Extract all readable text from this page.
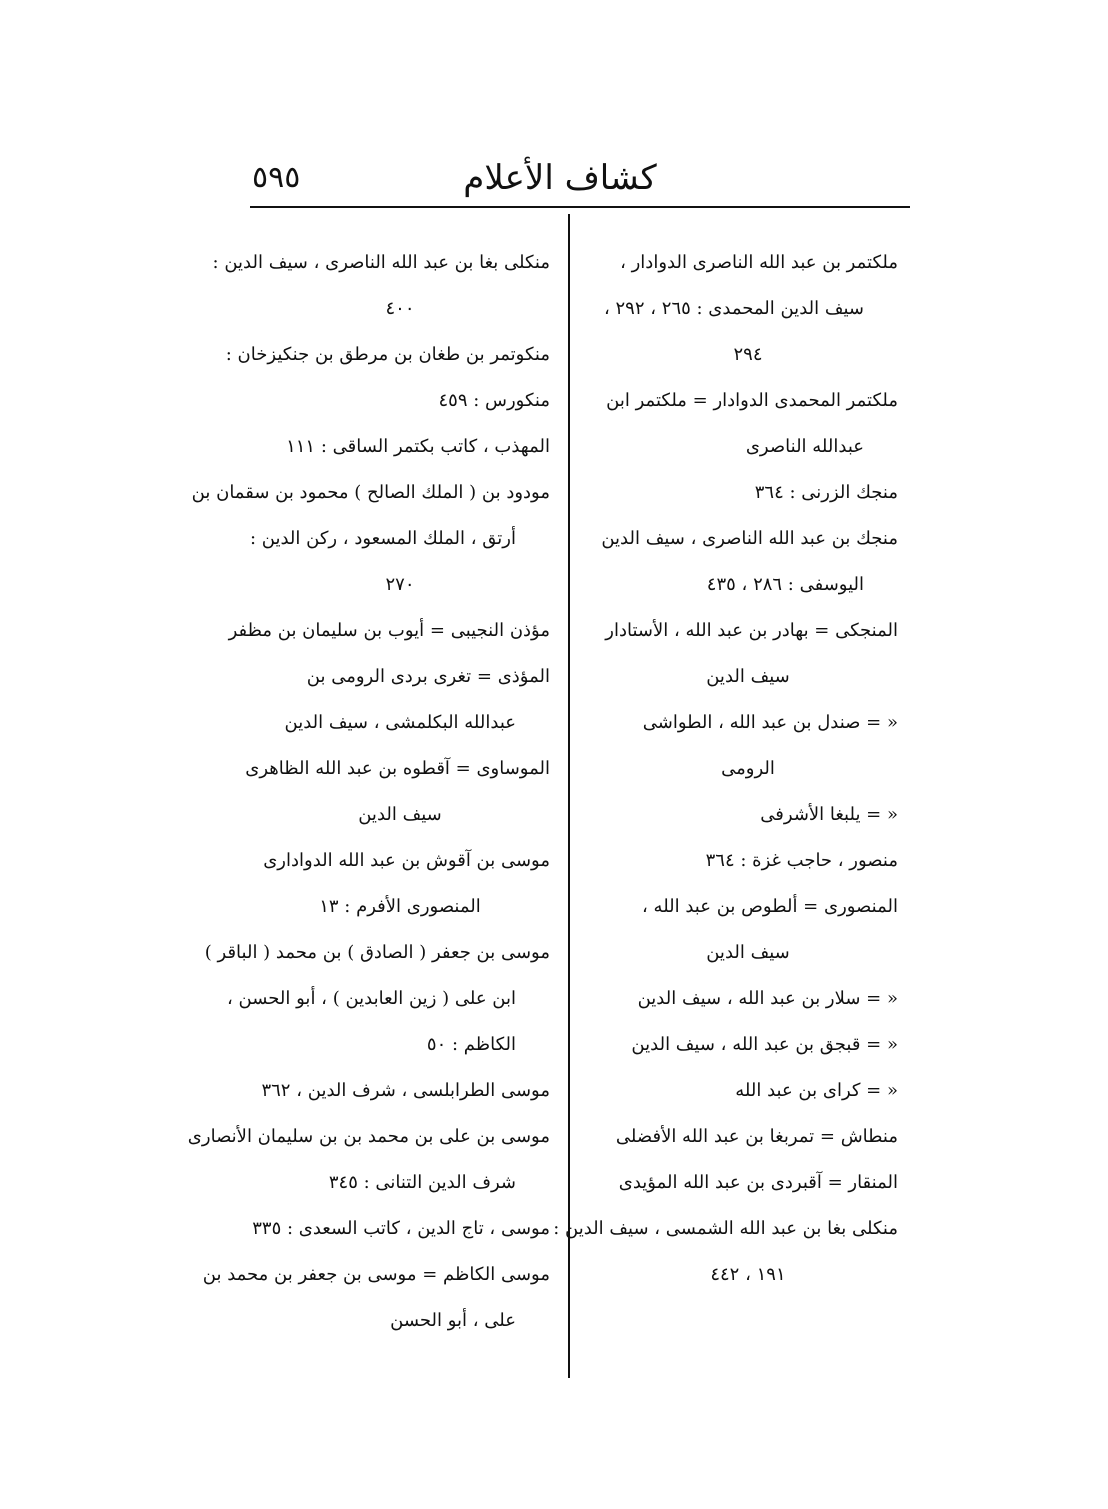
كشاف الأعلام
٥٩٥
ملكتمر بن عبد الله الناصرى الدوادار ،
سيف الدين المحمدى : ٢٦٥ ، ٢٩٢ ،
٢٩٤
ملكتمر المحمدى الدوادار = ملكتمر ابن
عبدالله الناصرى
منجك الزرنى : ٣٦٤
منجك بن عبد الله الناصرى ، سيف الدين
اليوسفى : ٢٨٦ ، ٤٣٥
المنجكى = بهادر بن عبد الله ، الأستادار
سيف الدين
« = صندل بن عبد الله ، الطواشى
الرومى
« = يلبغا الأشرفى
منصور ، حاجب غزة : ٣٦٤
المنصورى = ألطوص بن عبد الله ،
سيف الدين
« = سلار بن عبد الله ، سيف الدين
« = قبجق بن عبد الله ، سيف الدين
« = كراى بن عبد الله
منطاش = تمربغا بن عبد الله الأفضلى
المنقار = آقبردى بن عبد الله المؤيدى
منكلى بغا بن عبد الله الشمسى ، سيف الدين :
١٩١ ، ٤٤٢
منكلى بغا بن عبد الله الناصرى ، سيف الدين :
٤٠٠
منكوتمر بن طغان بن مرطق بن جنكيزخان :
منكورس : ٤٥٩
المهذب ، كاتب بكتمر الساقى : ١١١
مودود بن ( الملك الصالح ) محمود بن سقمان بن
أرتق ، الملك المسعود ، ركن الدين :
٢٧٠
مؤذن النجيبى = أيوب بن سليمان بن مظفر
المؤذى = تغرى بردى الرومى بن
عبدالله البكلمشى ، سيف الدين
الموساوى = آقطوه بن عبد الله الظاهرى
سيف الدين
موسى بن آقوش بن عبد الله الدوادارى
المنصورى الأفرم : ١٣
موسى بن جعفر ( الصادق ) بن محمد ( الباقر )
ابن على ( زين العابدين ) ، أبو الحسن ،
الكاظم : ٥٠
موسى الطرابلسى ، شرف الدين ، ٣٦٢
موسى بن على بن محمد بن بن سليمان الأنصارى
شرف الدين التنانى : ٣٤٥
موسى ، تاج الدين ، كاتب السعدى : ٣٣٥
موسى الكاظم = موسى بن جعفر بن محمد بن
على ، أبو الحسن
